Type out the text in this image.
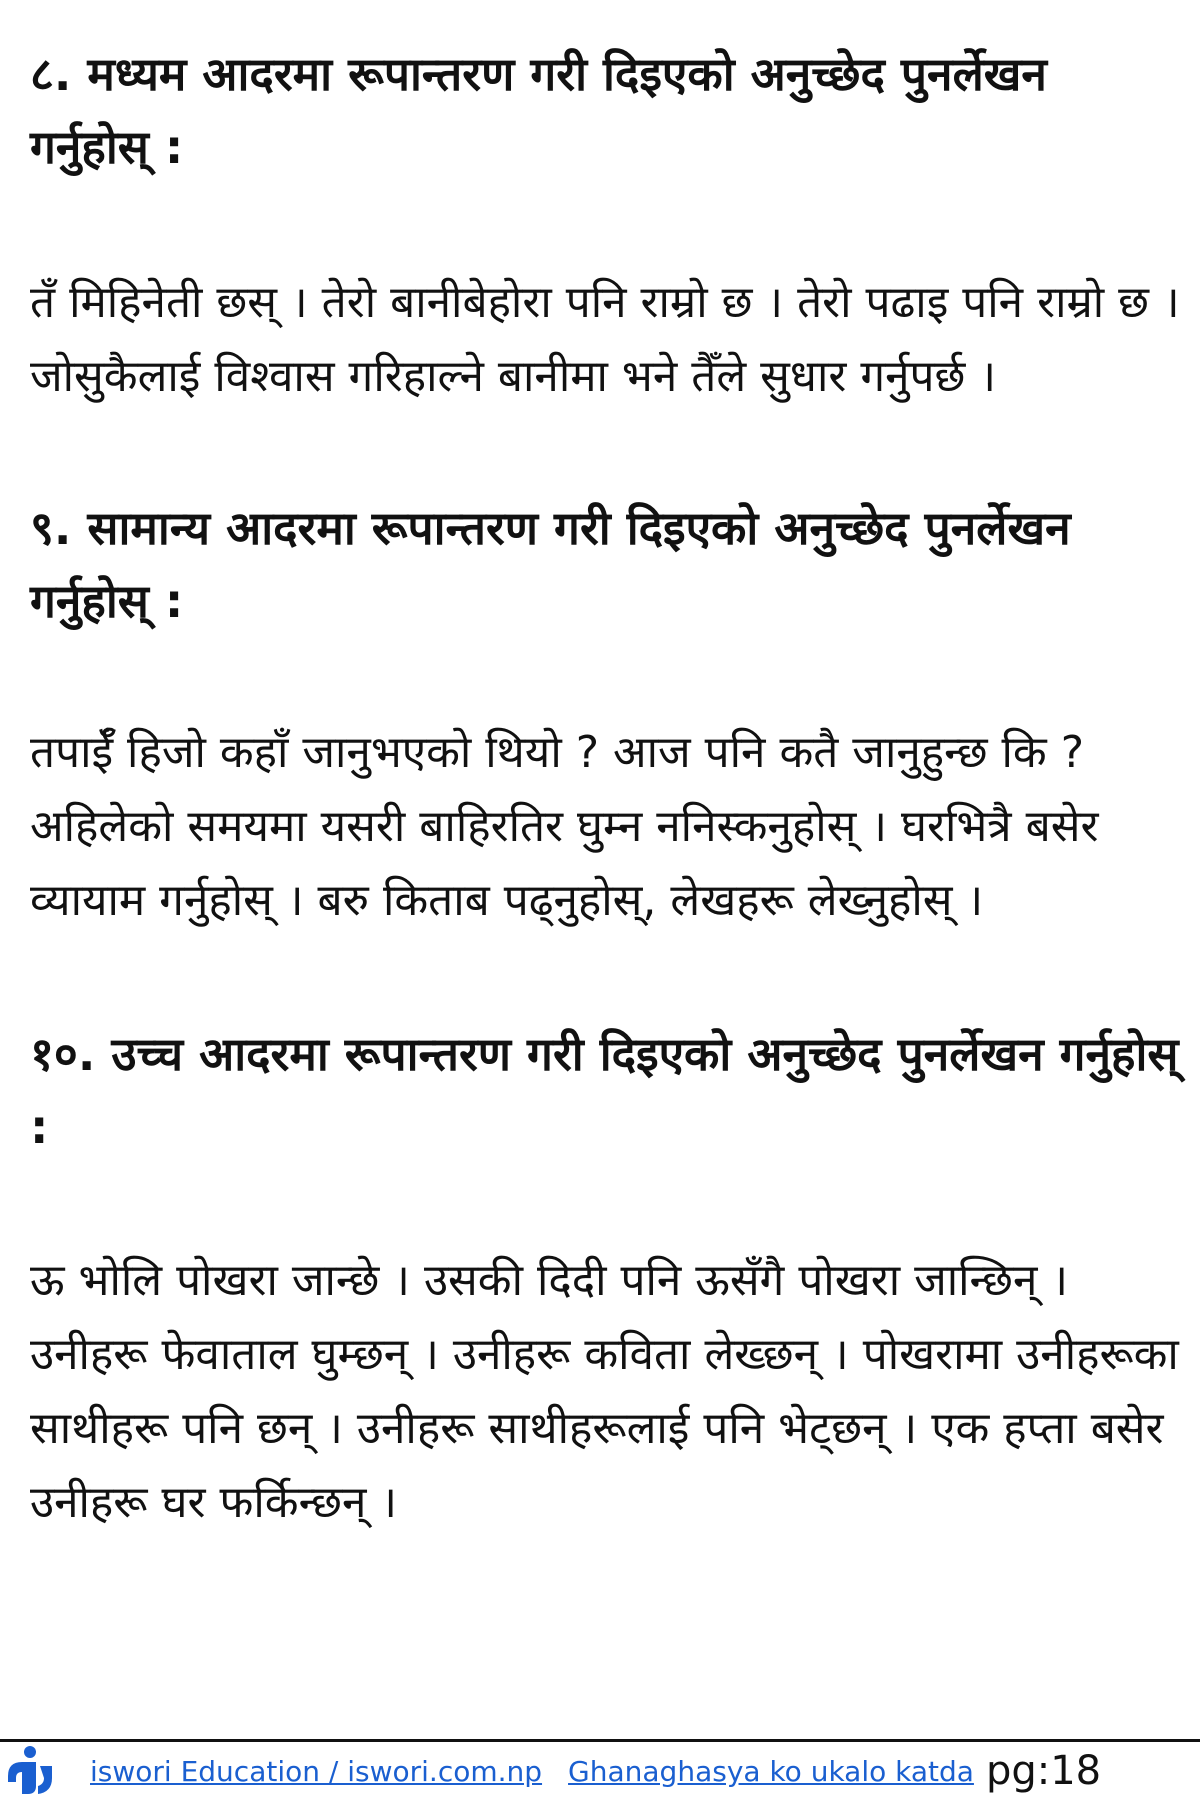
८. मध्यम आदरमा रूपान्तरण गरी दिइएको अनुच्छेद पुनर्लेखन गर्नुहोस् :

तँ मिहिनेती छस् । तेरो बानीबेहोरा पनि राम्रो छ । तेरो पढाइ पनि राम्रो छ । जोसुकैलाई विश्वास गरिहाल्ने बानीमा भने तैँले सुधार गर्नुपर्छ ।

९. सामान्य आदरमा रूपान्तरण गरी दिइएको अनुच्छेद पुनर्लेखन गर्नुहोस् :

तपाईँ हिजो कहाँ जानुभएको थियो ? आज पनि कतै जानुहुन्छ कि ? अहिलेको समयमा यसरी बाहिरतिर घुम्न ननिस्कनुहोस् । घरभित्रै बसेर व्यायाम गर्नुहोस् । बरु किताब पढ्नुहोस्, लेखहरू लेख्नुहोस् ।

१०. उच्च आदरमा रूपान्तरण गरी दिइएको अनुच्छेद पुनर्लेखन गर्नुहोस् :

ऊ भोलि पोखरा जान्छे । उसकी दिदी पनि ऊसँगै पोखरा जान्छिन् । उनीहरू फेवाताल घुम्छन् । उनीहरू कविता लेख्छन् । पोखरामा उनीहरूका साथीहरू पनि छन् । उनीहरू साथीहरूलाई पनि भेट्छन् । एक हप्ता बसेर उनीहरू घर फर्किन्छन् ।

iswori Education / iswori.com.np Ghanaghasya ko ukalo katda pg:18
